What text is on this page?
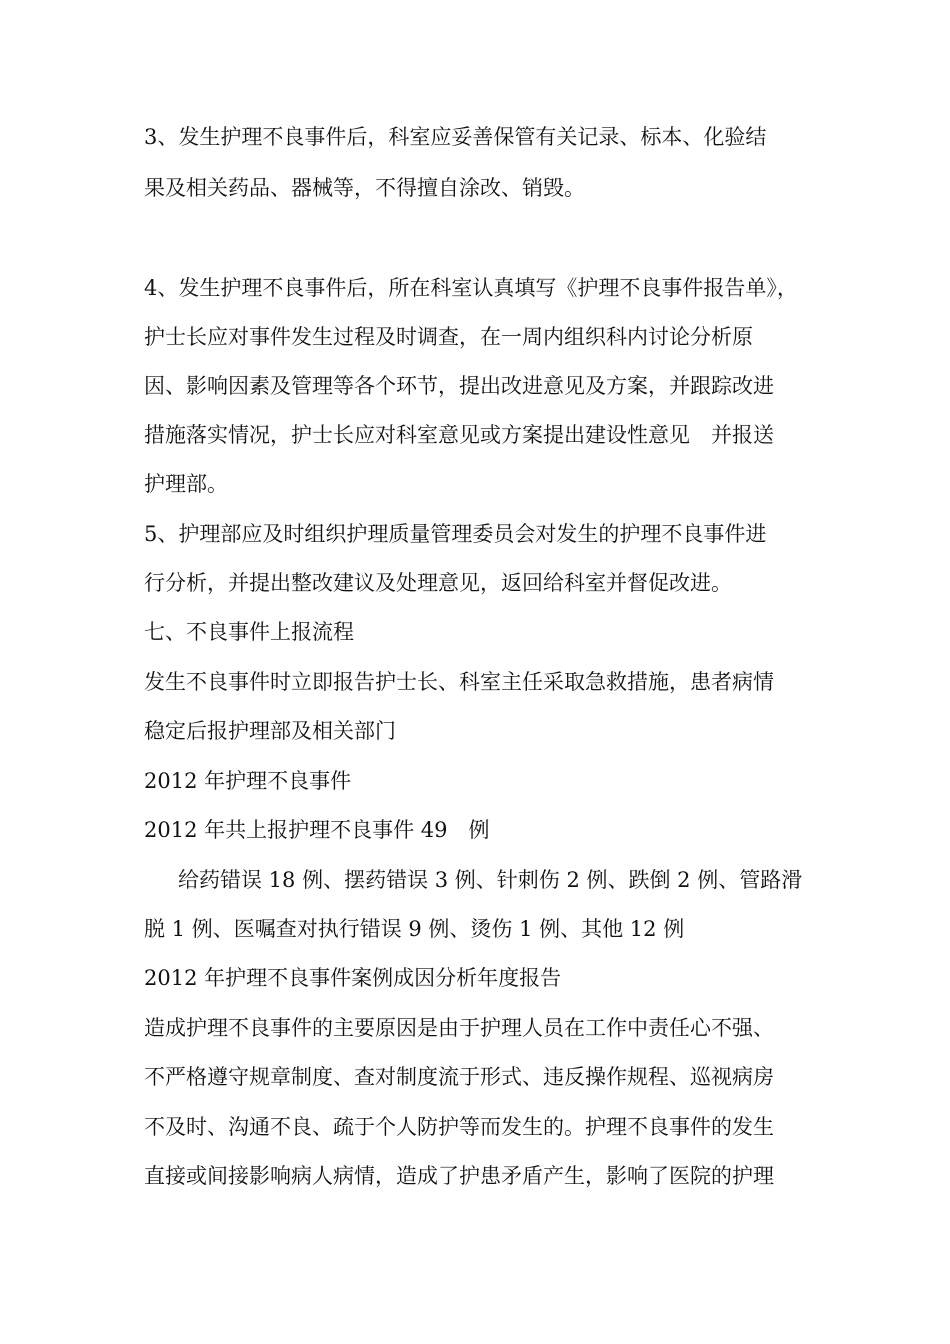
3、发生护理不良事件后，科室应妥善保管有关记录、标本、化验结
果及相关药品、器械等，不得擅自涂改、销毁。
4、发生护理不良事件后，所在科室认真填写《护理不良事件报告单》，
护士长应对事件发生过程及时调查，在一周内组织科内讨论分析原
因、影响因素及管理等各个环节，提出改进意见及方案，并跟踪改进
措施落实情况，护士长应对科室意见或方案提出建设性意见　并报送
护理部。
5、护理部应及时组织护理质量管理委员会对发生的护理不良事件进
行分析，并提出整改建议及处理意见，返回给科室并督促改进。
七、不良事件上报流程
发生不良事件时立即报告护士长、科室主任采取急救措施，患者病情
稳定后报护理部及相关部门
2012 年护理不良事件
2012 年共上报护理不良事件 49　例
给药错误 18 例、摆药错误 3 例、针刺伤 2 例、跌倒 2 例、管路滑
脱 1 例、医嘱查对执行错误 9 例、烫伤 1 例、其他 12 例
2012 年护理不良事件案例成因分析年度报告
造成护理不良事件的主要原因是由于护理人员在工作中责任心不强、
不严格遵守规章制度、查对制度流于形式、违反操作规程、巡视病房
不及时、沟通不良、疏于个人防护等而发生的。护理不良事件的发生
直接或间接影响病人病情，造成了护患矛盾产生，影响了医院的护理
